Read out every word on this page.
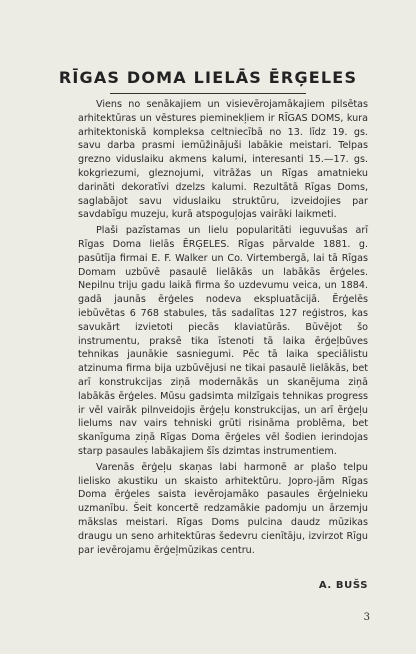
RĪGAS DOMA LIELĀS ĒRĢELES

Viens no senākajiem un visievērojamākajiem pilsētas arhitektūras un vēstures pieminekļiem ir RĪGAS DOMS, kura arhitektoniskā kompleksa celtniecībā no 13. līdz 19. gs. savu darba prasmi iemūžinājuši labākie meistari. Telpas grezno viduslaiku akmens kalumi, interesanti 15.—17. gs. kokgriezumi, gleznojumi, vitrāžas un Rīgas amatnieku darināti dekoratīvi dzelzs kalumi. Rezultātā Rīgas Doms, saglabājot savu viduslaiku struktūru, izveidojies par savdabīgu muzeju, kurā atspoguļojas vairāki laikmeti.

Plaši pazīstamas un lielu popularitāti ieguvušas arī Rīgas Doma lielās ĒRĢELES. Rīgas pārvalde 1881. g. pasūtīja firmai E. F. Walker un Co. Virtembergā, lai tā Rīgas Domam uzbūvē pasaulē lielākās un labākās ērģeles. Nepilnu triju gadu laikā firma šo uzdevumu veica, un 1884. gadā jaunās ērģeles nodeva ekspluatācijā. Ērģelēs iebūvētas 6 768 stabules, tās sadalītas 127 reģistros, kas savukārt izvietoti piecās klaviatūrās. Būvējot šo instrumentu, praksē tika īstenoti tā laika ērģeļbūves tehnikas jaunākie sasniegumi. Pēc tā laika speciālistu atzinuma firma bija uzbūvējusi ne tikai pasaulē lielākās, bet arī konstrukcijas ziņā modernākās un skanējuma ziņā labākās ērģeles. Mūsu gadsimta milzīgais tehnikas progress ir vēl vairāk pilnveidojis ērģeļu konstrukcijas, un arī ērģeļu lielums nav vairs tehniski grūti risināma problēma, bet skanīguma ziņā Rīgas Doma ērģeles vēl šodien ierindojas starp pasaules labākajiem šīs dzimtas instrumentiem.

Varenās ērģeļu skaņas labi harmonē ar plašo telpu lielisko akustiku un skaisto arhitektūru. Jopro-jām Rīgas Doma ērģeles saista ievērojamāko pasaules ērģelnieku uzmanību. Šeit koncertē redzamākie padomju un ārzemju mākslas meistari. Rīgas Doms pulcina daudz mūzikas draugu un seno arhitektūras šedevru cienītāju, izvirzot Rīgu par ievērojamu ērģeļmūzikas centru.

A. BUŠS
3
